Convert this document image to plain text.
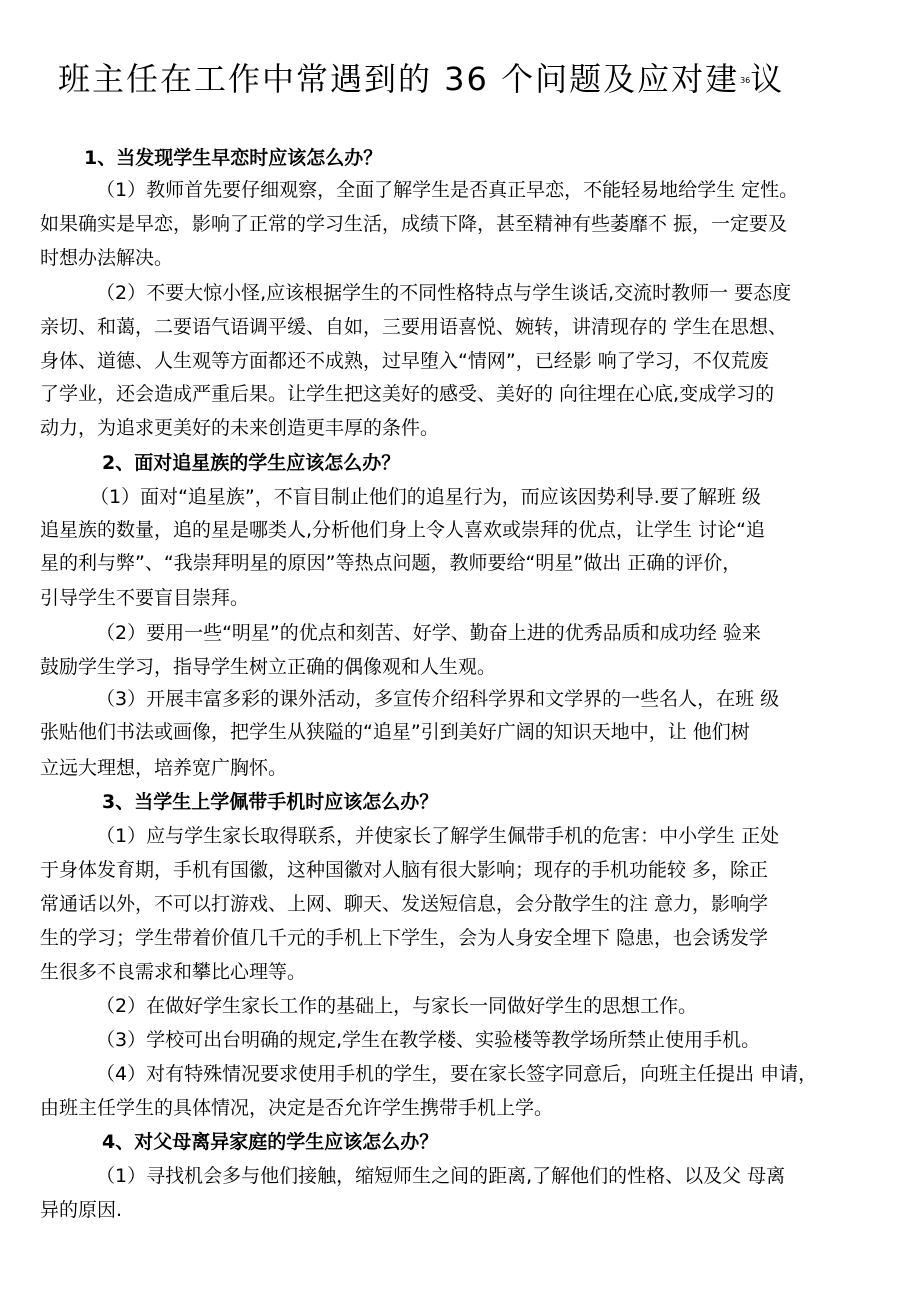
班主任在工作中常遇到的 36 个问题及应对建36议
1、当发现学生早恋时应该怎么办？
（1）教师首先要仔细观察，全面了解学生是否真正早恋，不能轻易地给学生 定性。
如果确实是早恋，影响了正常的学习生活，成绩下降，甚至精神有些萎靡不 振，一定要及
时想办法解决。
（2）不要大惊小怪,应该根据学生的不同性格特点与学生谈话,交流时教师一 要态度
亲切、和蔼，二要语气语调平缓、自如，三要用语喜悦、婉转，讲清现存的 学生在思想、
身体、道德、人生观等方面都还不成熟，过早堕入“情网”，已经影 响了学习，不仅荒废
了学业，还会造成严重后果。让学生把这美好的感受、美好的 向往埋在心底,变成学习的
动力，为追求更美好的未来创造更丰厚的条件。
2、面对追星族的学生应该怎么办？
（1）面对“追星族”，不盲目制止他们的追星行为，而应该因势利导.要了解班 级
追星族的数量，追的星是哪类人,分析他们身上令人喜欢或崇拜的优点，让学生 讨论“追
星的利与弊”、“我崇拜明星的原因”等热点问题，教师要给“明星”做出 正确的评价，
引导学生不要盲目崇拜。
（2）要用一些“明星”的优点和刻苦、好学、勤奋上进的优秀品质和成功经 验来
鼓励学生学习，指导学生树立正确的偶像观和人生观。
（3）开展丰富多彩的课外活动，多宣传介绍科学界和文学界的一些名人，在班 级
张贴他们书法或画像，把学生从狭隘的“追星”引到美好广阔的知识天地中，让 他们树
立远大理想，培养宽广胸怀。
3、当学生上学佩带手机时应该怎么办？
（1）应与学生家长取得联系，并使家长了解学生佩带手机的危害：中小学生 正处
于身体发育期，手机有国徽，这种国徽对人脑有很大影响；现存的手机功能较 多，除正
常通话以外，不可以打游戏、上网、聊天、发送短信息，会分散学生的注 意力，影响学
生的学习；学生带着价值几千元的手机上下学生，会为人身安全埋下 隐患，也会诱发学
生很多不良需求和攀比心理等。
（2）在做好学生家长工作的基础上，与家长一同做好学生的思想工作。
（3）学校可出台明确的规定,学生在教学楼、实验楼等教学场所禁止使用手机。
（4）对有特殊情况要求使用手机的学生，要在家长签字同意后，向班主任提出 申请，
由班主任学生的具体情况，决定是否允许学生携带手机上学。
4、对父母离异家庭的学生应该怎么办？
（1）寻找机会多与他们接触，缩短师生之间的距离,了解他们的性格、以及父 母离
异的原因.
